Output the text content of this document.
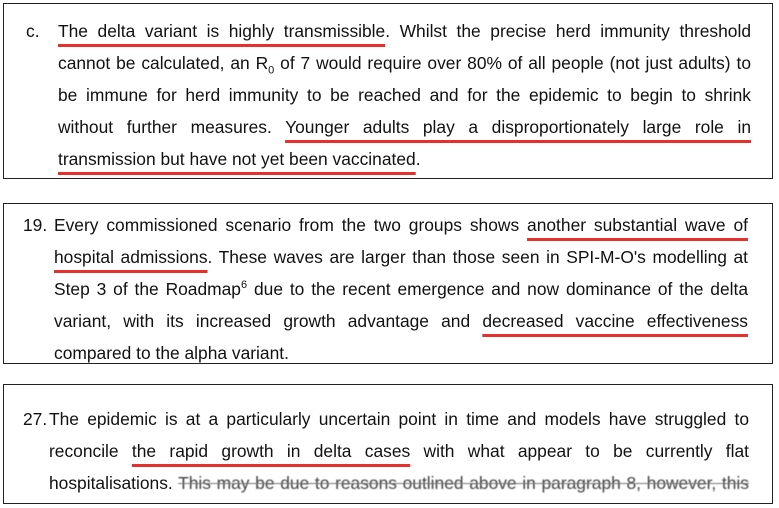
c. The delta variant is highly transmissible. Whilst the precise herd immunity threshold cannot be calculated, an $R_0$ of 7 would require over 80% of all people (not just adults) to be immune for herd immunity to be reached and for the epidemic to begin to shrink without further measures. Younger adults play a disproportionately large role in transmission but have not yet been vaccinated.

19. Every commissioned scenario from the two groups shows another substantial wave of hospital admissions. These waves are larger than those seen in SPI-M-O's modelling at Step 3 of the Roadmap$^6$ due to the recent emergence and now dominance of the delta variant, with its increased growth advantage and decreased vaccine effectiveness compared to the alpha variant.

27. The epidemic is at a particularly uncertain point in time and models have struggled to reconcile the rapid growth in delta cases with what appear to be currently flat hospitalisations. This may be due to reasons outlined above in paragraph 8, however, this
